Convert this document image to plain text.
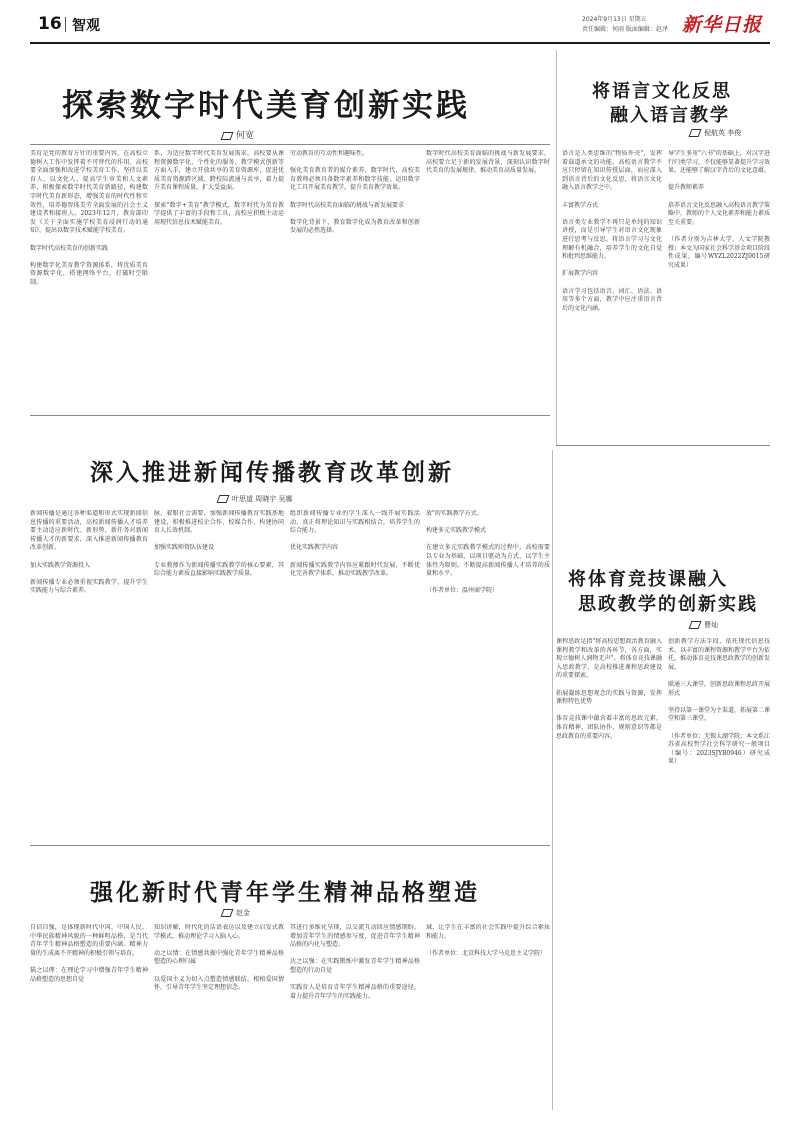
16 智观	2024年9月13日 星期五
责任编辑：何雨 版面编辑：赵泽 新华日报
探索数字时代美育创新实践
何宽
美育是党的教育方针的重要内容，在高校立德树人工作中发挥着不可替代的作用。高校要全面加强和改进学校美育工作，坚持以美育人、以文化人，提高学生审美和人文素养，积极探索数字时代美育新路径，构建数字时代美育新形态，增强美育的时代性和实效性，培养德智体美劳全面发展的社会主义建设者和接班人。2023年12月，教育部印发《关于全面实施学校美育浸润行动的通知》，提出以数字技术赋能学校美育。

数字时代高校美育的创新实践

构建数字化美育教学资源体系，将优质美育资源数字化，搭建网络平台，打破时空限制。
系，为适应数字时代美育发展需求，高校要从课程资源数字化、个性化的服务、教学模式创新等方面入手，建立开放共享的美育资源库，促进优质美育资源跨区域、跨校际流通与共享，着力提升美育课程质量，扩大受益面。

探索"数字+美育"教学模式，数字时代为美育教学提供了丰富的手段和工具，高校应积极主动运用现代信息技术赋能美育。
劳动教育的互动性和趣味性。

强化美育教育者的媒介素养，数字时代，高校美育教师必须具备数字素养和数字技能，运用数字化工具开展美育教学，提升美育教学效果。

数字时代高校美育面临的挑战与新发展要求

数字化背景下，教育数字化成为教育改革和创新发展的必然选择。
数字时代高校美育面临的挑战与新发展要求，高校要立足于新的发展背景，深刻认识数字时代美育的发展规律，推动美育高质量发展。
将语言文化反思
融入语言教学
倪航英 李俊
语言是人类思维的"物质外壳"，发挥着载道承文的功能。高校语言教学不应只停留在知识传授层面，而应深入到语言背后的文化反思，将语言文化融入语言教学之中。

丰富教学方式

语言类专业教学不再只是单纯的知识讲授，而是引导学生对语言文化现象进行思考与反思，将语言学习与文化理解有机融合，培养学生的文化自觉和批判思维能力。

扩展教学内容

语言学习包括语音、词汇、语法、语用等多个方面，教学中应注重语言背后的文化内涵。
导学生多重"六书"的基础上，对汉字进行归类学习，不仅能够显著提升学习效果，还能够了解汉字背后的文化意蕴。

提升教师素养

培养语言文化反思融入高校语言教学策略中，教师的个人文化素养和能力素质至关重要。

（作者分别为吉林大学、人文学院教授；本文为国家社会科学基金项目阶段性成果，编号WYZL2022ZJ0015研究成果）
深入推进新闻传播教育改革创新
叶思道 周晓宇 吴娜
新闻传播是通过各种渠道和形式实现新闻信息传播的重要活动，高校新闻传播人才培养要主动适应新时代、新形势、新任务对新闻传播人才的新要求，深入推进新闻传播教育改革创新。

加大实践教学资源投入

新闻传播专业必须重视实践教学，提升学生实践能力与综合素养。
脉，着眼社会需要，加强新闻传播教育实践基地建设，积极推进校企合作、校媒合作，构建协同育人长效机制。

加强实践师资队伍建设

专业教师作为新闻传播实践教学的核心要素，其综合能力素质直接影响实践教学质量。
组织新闻传播专业的学生深入一线开展实践活动，真正将理论知识与实践相结合，培养学生的综合能力。

优化实践教学内容

新闻传播实践教学内容应紧跟时代发展，不断优化完善教学体系，推动实践教学改革。
放"的实践教学方式。

构建多元实践教学模式

在建立多元实践教学模式的过程中，高校需要以专业为基础，以项目驱动为方式，以学生主体性为原则，不断提高新闻传播人才培养的质量和水平。

（作者单位：温州商学院）
将体育竞技课融入
思政教学的创新实践
曹灿
课程思政是指"将高校思想政治教育融入课程教学和改革的各环节，各方面，实现立德树人润物无声"。将体育竞技课融入思政教学，是高校推进课程思政建设的重要探索。

拓展凝练思想观念的实践与资源，发挥课程特色优势

体育竞技课中蕴含着丰富的思政元素，体育精神、团队协作、规则意识等都是思政教育的重要内容。
创新教学方法手段、依托现代信息技术、以丰富的课程资源和教学平台为依托，推动体育竞技课思政教学的创新发展。

联通三大课堂，创新思政课程思政开展形式

坚持以第一课堂为主渠道，拓展第二课堂和第三课堂。

（作者单位：无锡太湖学院；本文系江苏省高校哲学社会科学研究一般项目（编号：2023SJYB0946）研究成果）
强化新时代青年学生精神品格塑造
赵金
自信自强，是体现新时代中国、中国人民、中华民族精神风貌的一种鲜明品格，是当代青年学生精神品格塑造的重要内涵。精神力量的生成离不开精神的积极引领与培育。

锚之以理：在理论学习中增强青年学生精神品格塑造的思想自觉
知识讲解，时代化的话语表达以及建立启发式教学模式，推动理论学习入脑入心。

动之以情：在情感共振中强化青年学生精神品格塑造的心理归属

以爱国主义为切入点塑造情感联结，根植爱国情怀，引导青年学生坚定理想信念。
其进行多维化呈现，以交流互动回应情感期盼，增加青年学生的情感参与度，促进青年学生精神品格的内化与塑造。

达之以强：在实践锻炼中激发青年学生精神品格塑造的行动自觉

实践育人是培育青年学生精神品格的重要途径，着力提升青年学生的实践能力。
域，让学生在丰富的社会实践中提升综合素质和能力。

（作者单位：北京科技大学马克思主义学院）
